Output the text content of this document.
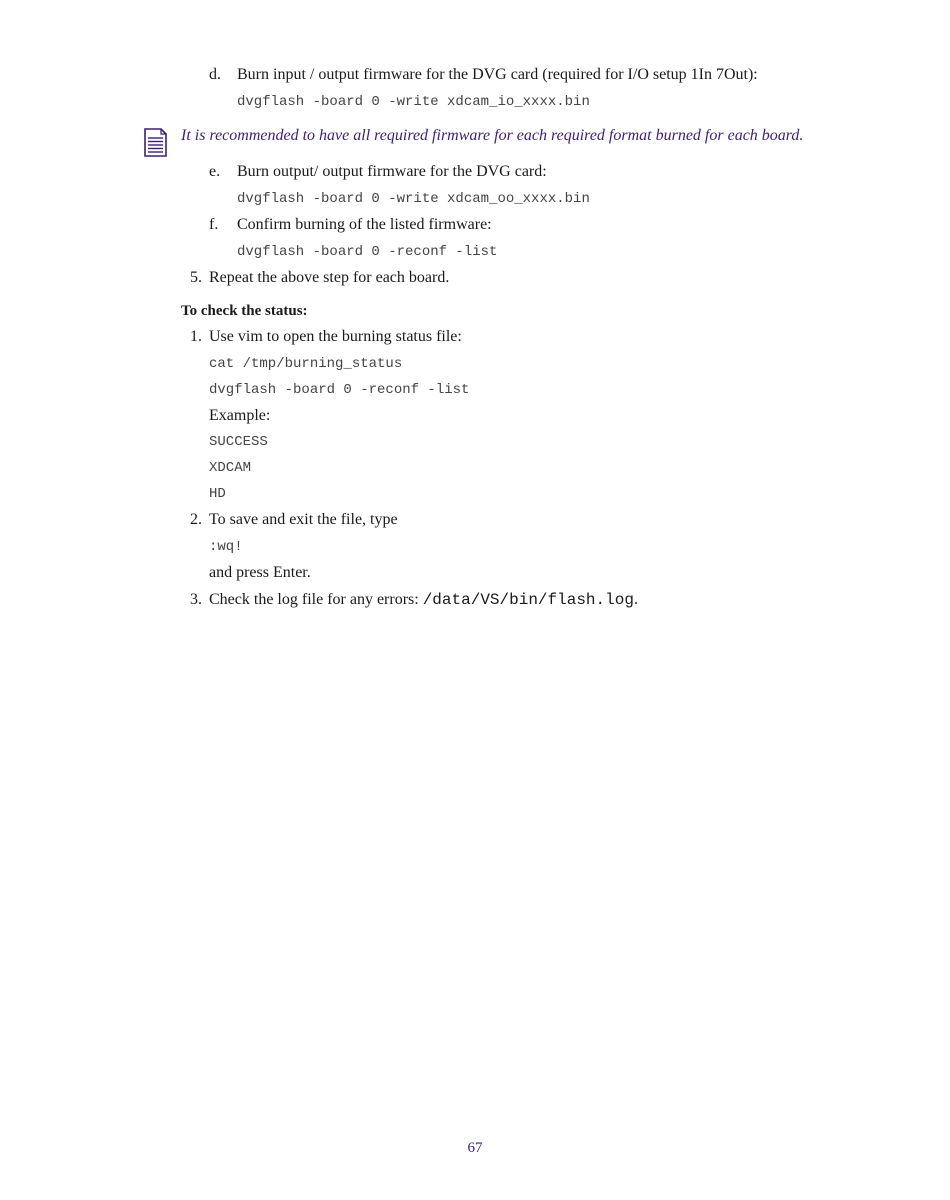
d. Burn input / output firmware for the DVG card (required for I/O setup 1In 7Out):
dvgflash -board 0 -write xdcam_io_xxxx.bin
It is recommended to have all required firmware for each required format burned for each board.
e. Burn output/ output firmware for the DVG card:
dvgflash -board 0 -write xdcam_oo_xxxx.bin
f. Confirm burning of the listed firmware:
dvgflash -board 0 -reconf -list
5. Repeat the above step for each board.
To check the status:
1. Use vim to open the burning status file:
cat /tmp/burning_status
dvgflash -board 0 -reconf -list
Example:
SUCCESS
XDCAM
HD
2. To save and exit the file, type
:wq!
and press Enter.
3. Check the log file for any errors: /data/VS/bin/flash.log.
67
